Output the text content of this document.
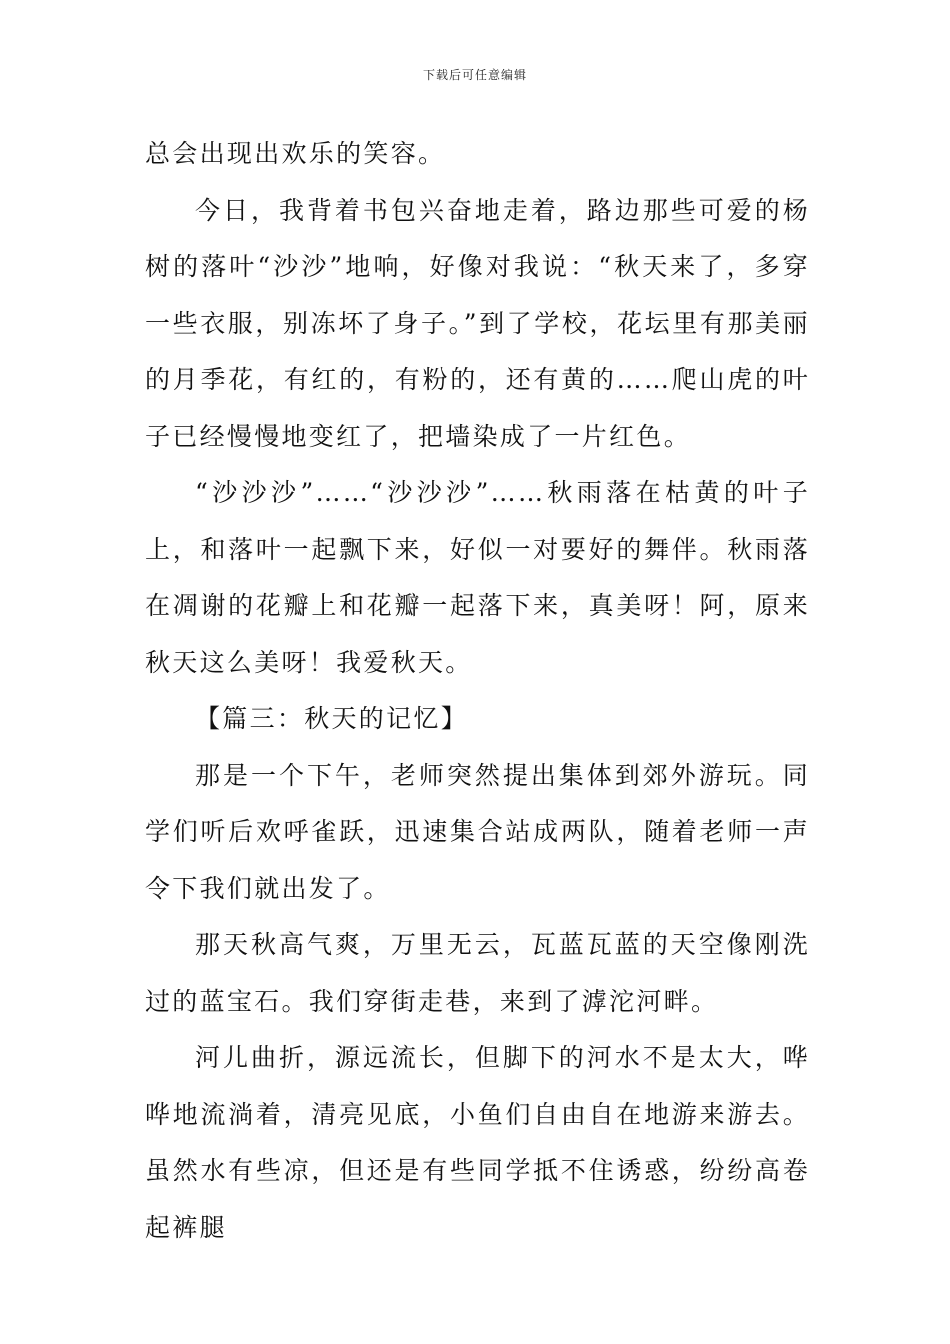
下载后可任意编辑

总会出现出欢乐的笑容。

今日，我背着书包兴奋地走着，路边那些可爱的杨树的落叶“沙沙”地响，好像对我说：“秋天来了，多穿一些衣服，别冻坏了身子。”到了学校，花坛里有那美丽的月季花，有红的，有粉的，还有黄的……爬山虎的叶子已经慢慢地变红了，把墙染成了一片红色。

“沙沙沙”……“沙沙沙”……秋雨落在枯黄的叶子上，和落叶一起飘下来，好似一对要好的舞伴。秋雨落在凋谢的花瓣上和花瓣一起落下来，真美呀！阿，原来秋天这么美呀！我爱秋天。

【篇三：秋天的记忆】

那是一个下午，老师突然提出集体到郊外游玩。同学们听后欢呼雀跃，迅速集合站成两队，随着老师一声令下我们就出发了。

那天秋高气爽，万里无云，瓦蓝瓦蓝的天空像刚洗过的蓝宝石。我们穿街走巷，来到了滹沱河畔。

河儿曲折，源远流长，但脚下的河水不是太大，哗哗地流淌着，清亮见底，小鱼们自由自在地游来游去。虽然水有些凉，但还是有些同学抵不住诱惑，纷纷高卷起裤腿
